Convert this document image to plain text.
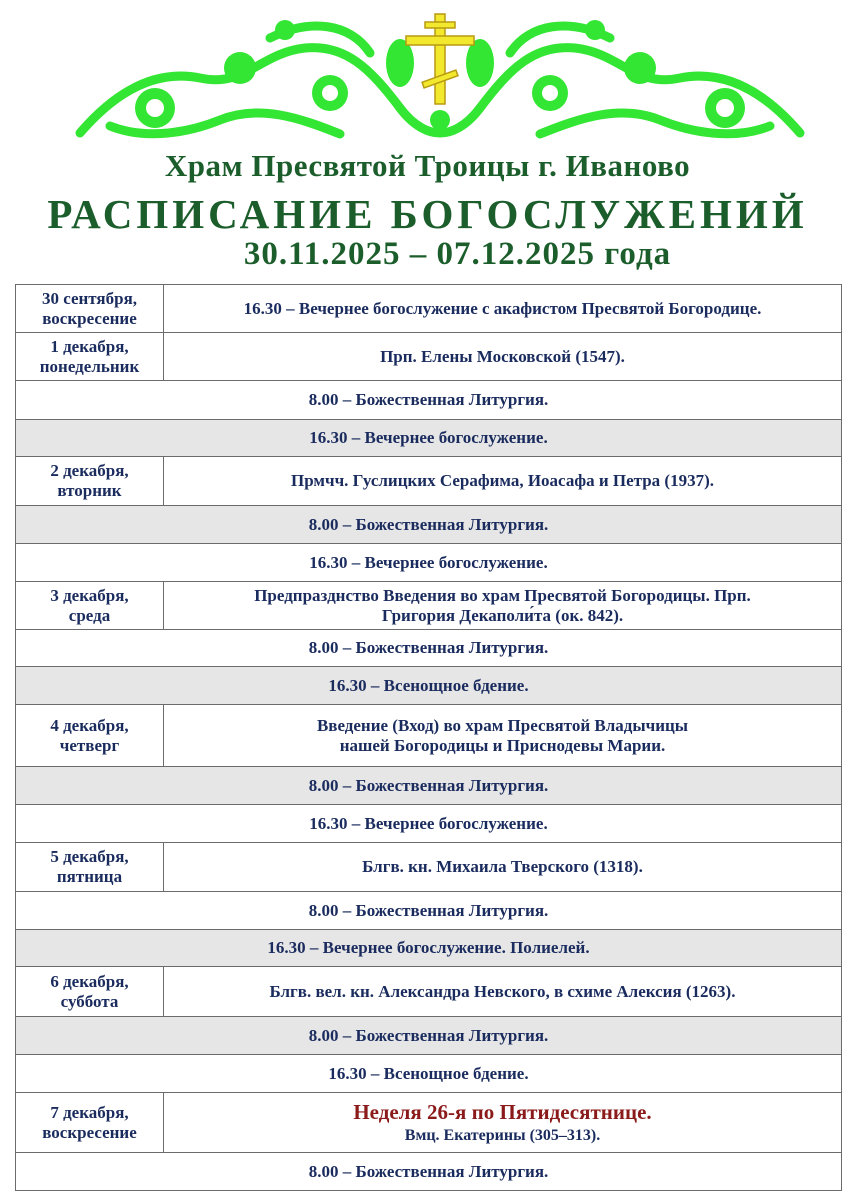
Храм Пресвятой Троицы г. Иваново
РАСПИСАНИЕ БОГОСЛУЖЕНИЙ
30.11.2025 – 07.12.2025 года
30 сентября,
воскресение	16.30 – Вечернее богослужение с акафистом Пресвятой Богородице.
1 декабря,
понедельник	Прп. Елены Московской (1547).
8.00 – Божественная Литургия.	
16.30 – Вечернее богослужение.	
2 декабря,
вторник	Прмчч. Гуслицких Серафима, Иоасафа и Петра (1937).
8.00 – Божественная Литургия.	
16.30 – Вечернее богослужение.	
3 декабря,
среда	Предпразднство Введения во храм Пресвятой Богородицы. Прп.
Григория Декаполи́та (ок. 842).
8.00 – Божественная Литургия.	
16.30 – Всенощное бдение.	
4 декабря,
четверг	Введение (Вход) во храм Пресвятой Владычицы
нашей Богородицы и Приснодевы Марии.
8.00 – Божественная Литургия.	
16.30 – Вечернее богослужение.	
5 декабря,
пятница	Блгв. кн. Михаила Тверского (1318).
8.00 – Божественная Литургия.	
16.30 – Вечернее богослужение. Полиелей.	
6 декабря,
суббота	Блгв. вел. кн. Александра Невского, в схиме Алексия (1263).
8.00 – Божественная Литургия.	
16.30 – Всенощное бдение.	
7 декабря,
воскресение	Неделя 26-я по Пятидесятнице.
Вмц. Екатерины (305–313).

8.00 – Божественная Литургия.	
